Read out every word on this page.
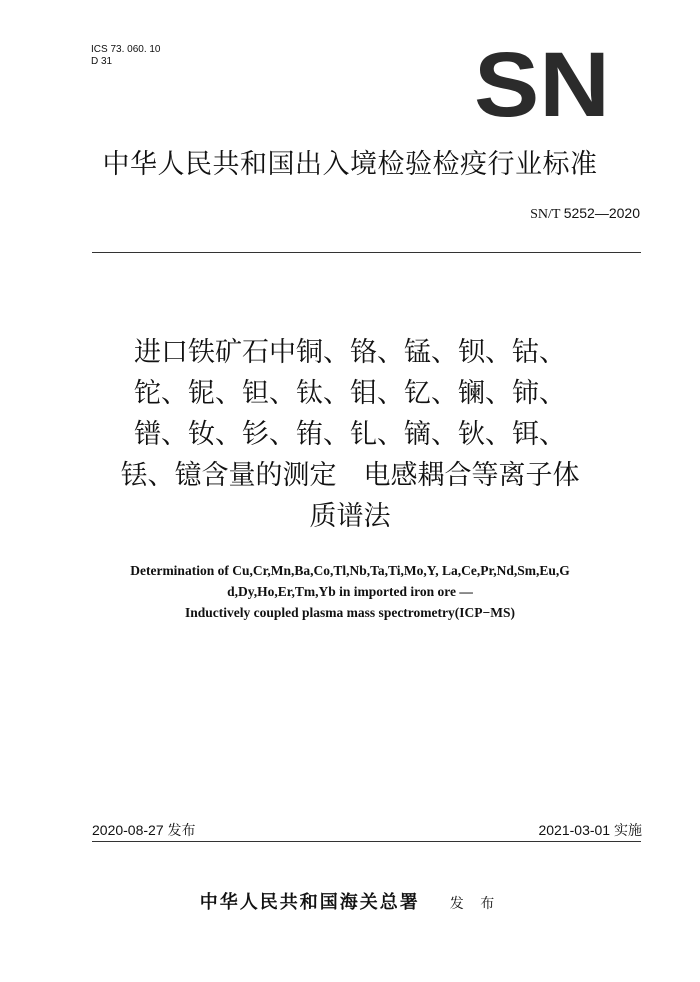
ICS 73. 060. 10
D 31	SN
中华人民共和国出入境检验检疫行业标准
SN/T 5252—2020
进口铁矿石中铜、铬、锰、钡、钴、
铊、铌、钽、钛、钼、钇、镧、铈、
镨、钕、钐、铕、钆、镝、钬、铒、
铥、镱含量的测定　电感耦合等离子体
质谱法
Determination of Cu,Cr,Mn,Ba,Co,Tl,Nb,Ta,Ti,Mo,Y, La,Ce,Pr,Nd,Sm,Eu,G
d,Dy,Ho,Er,Tm,Yb in imported iron ore —
Inductively coupled plasma mass spectrometry(ICP−MS)
2020-08-27 发布	2021-03-01 实施
中华人民共和国海关总署 发 布
